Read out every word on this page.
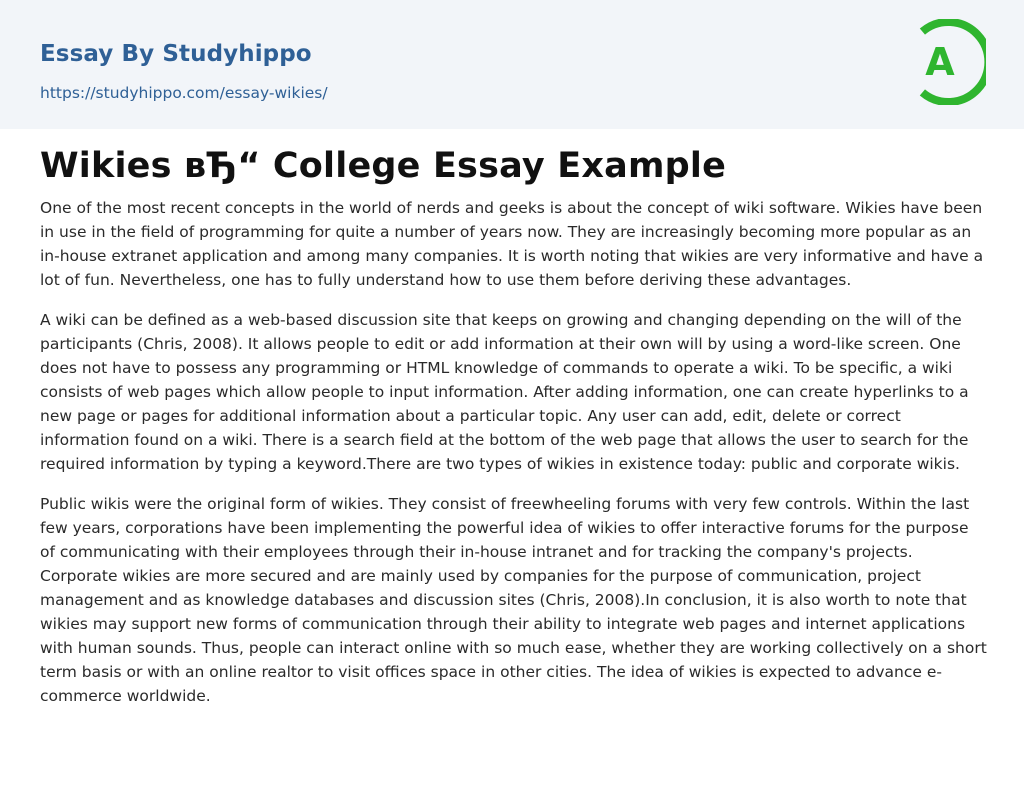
Essay By Studyhippo
https://studyhippo.com/essay-wikies/
A
Wikies вЂ“ College Essay Example

One of the most recent concepts in the world of nerds and geeks is about the concept of wiki software. Wikies have been in use in the field of programming for quite a number of years now. They are increasingly becoming more popular as an in-house extranet application and among many companies. It is worth noting that wikies are very informative and have a lot of fun. Nevertheless, one has to fully understand how to use them before deriving these advantages.

A wiki can be defined as a web-based discussion site that keeps on growing and changing depending on the will of the participants (Chris, 2008). It allows people to edit or add information at their own will by using a word-like screen. One does not have to possess any programming or HTML knowledge of commands to operate a wiki. To be specific, a wiki consists of web pages which allow people to input information. After adding information, one can create hyperlinks to a new page or pages for additional information about a particular topic. Any user can add, edit, delete or correct information found on a wiki. There is a search field at the bottom of the web page that allows the user to search for the required information by typing a keyword.There are two types of wikies in existence today: public and corporate wikis.

Public wikis were the original form of wikies. They consist of freewheeling forums with very few controls. Within the last few years, corporations have been implementing the powerful idea of wikies to offer interactive forums for the purpose of communicating with their employees through their in-house intranet and for tracking the company's projects. Corporate wikies are more secured and are mainly used by companies for the purpose of communication, project management and as knowledge databases and discussion sites (Chris, 2008).In conclusion, it is also worth to note that wikies may support new forms of communication through their ability to integrate web pages and internet applications with human sounds. Thus, people can interact online with so much ease, whether they are working collectively on a short term basis or with an online realtor to visit offices space in other cities. The idea of wikies is expected to advance e-commerce worldwide.
